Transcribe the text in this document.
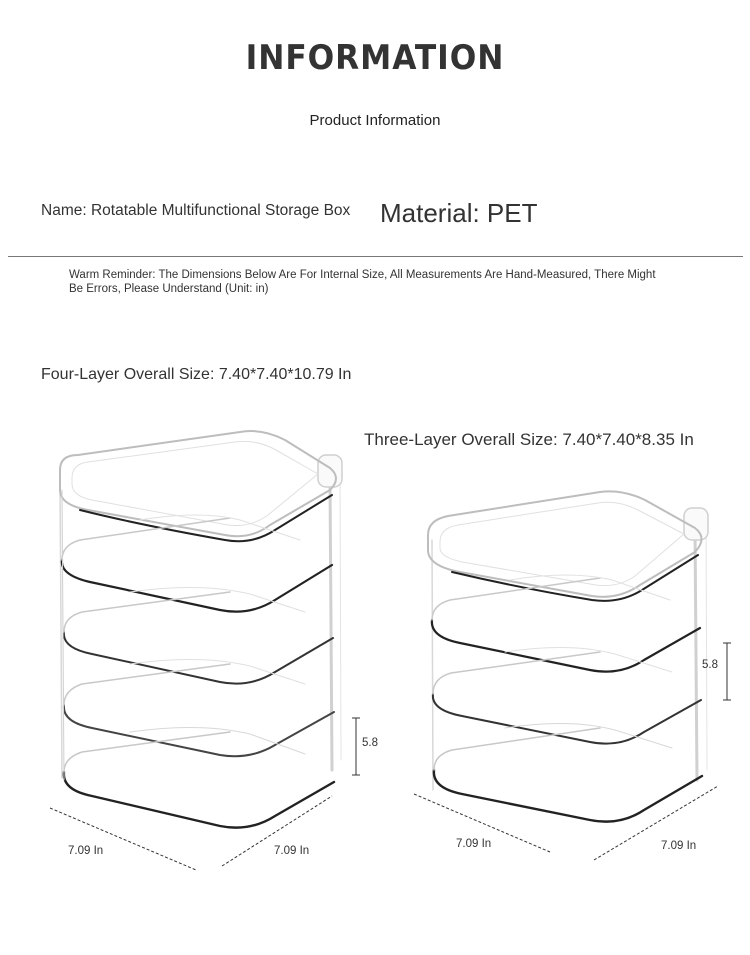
INFORMATION
Product Information
Name: Rotatable Multifunctional Storage Box Material: PET
Warm Reminder: The Dimensions Below Are For Internal Size, All Measurements Are Hand-Measured, There Might Be Errors, Please Understand (Unit: in)
Four-Layer Overall Size: 7.40*7.40*10.79 In
Three-Layer Overall Size: 7.40*7.40*8.35 In
5.8
7.09 In	7.09 In
5.8
7.09 In	7.09 In
